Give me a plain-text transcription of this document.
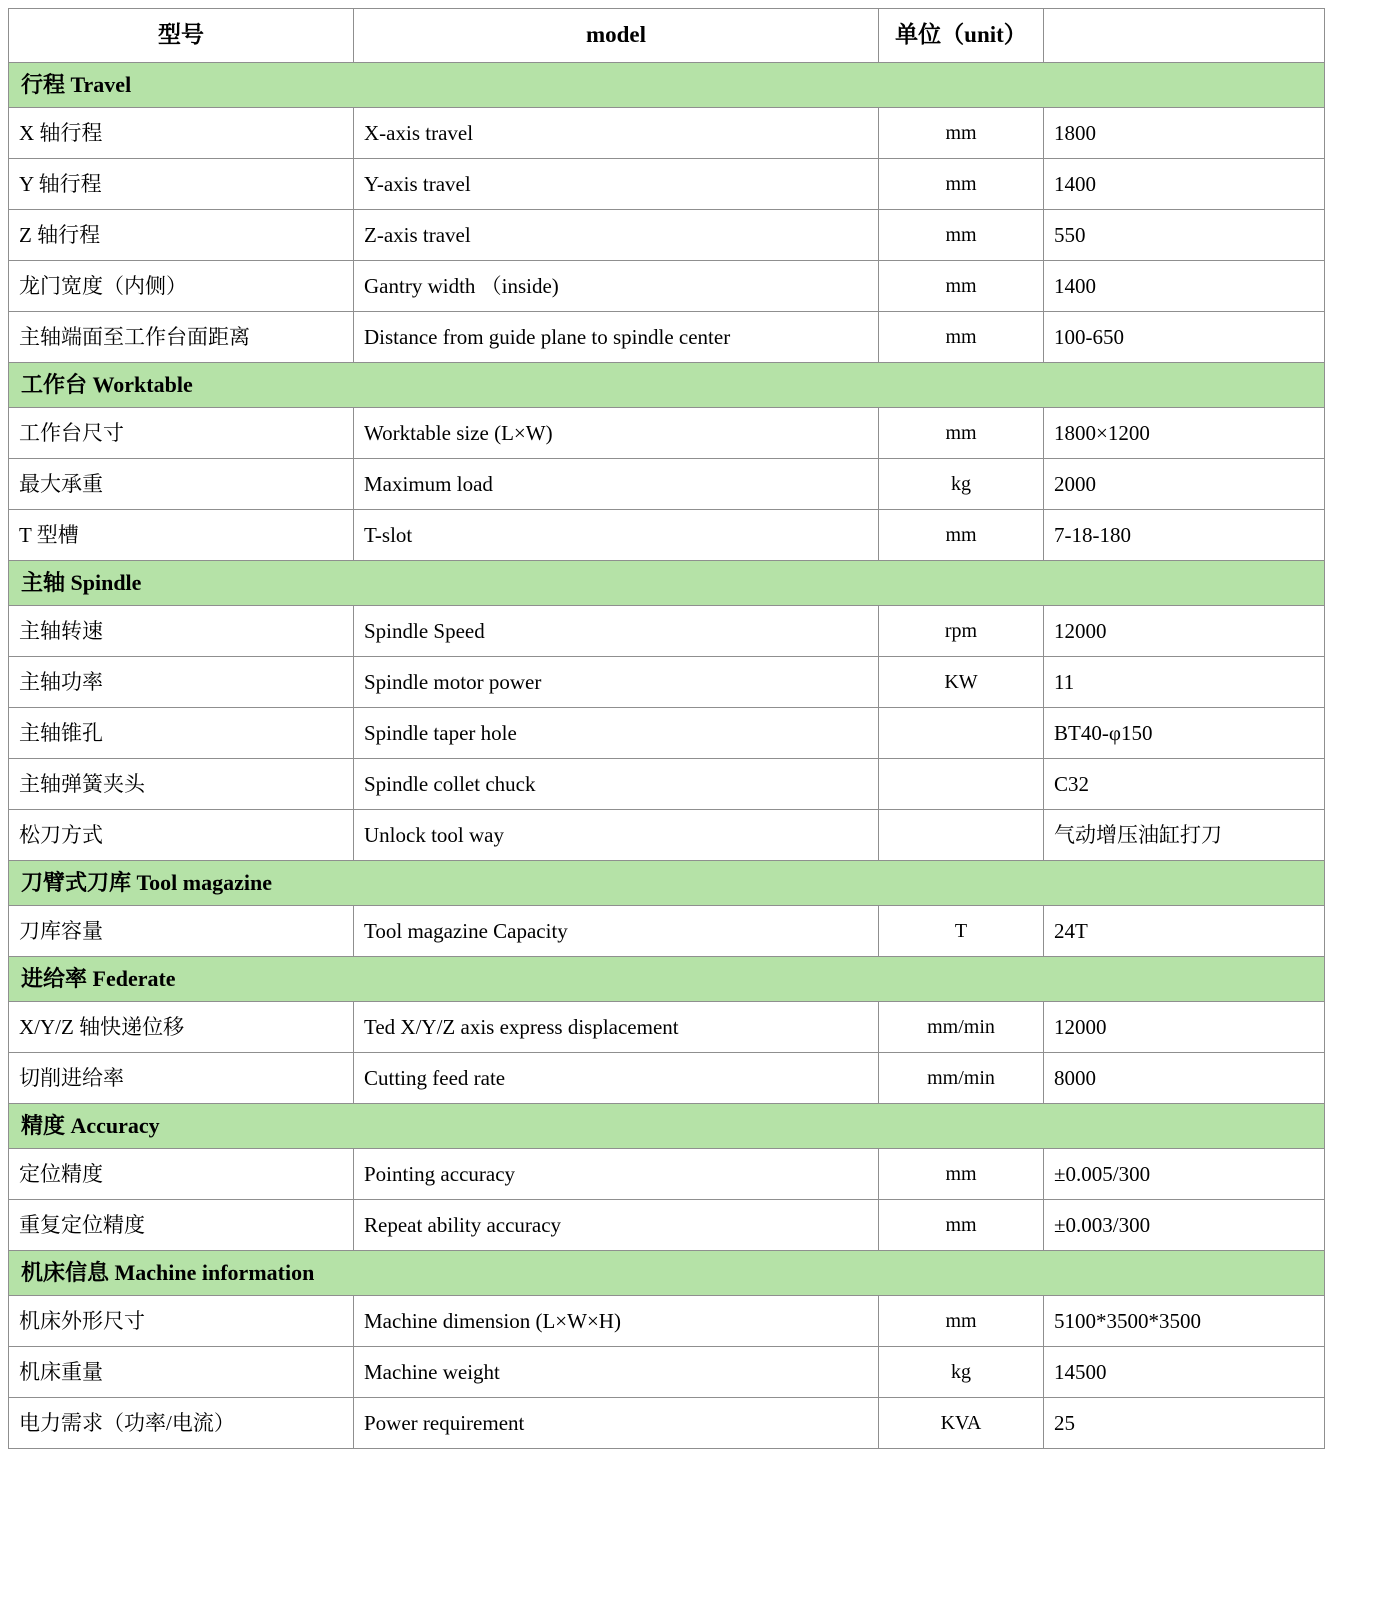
型号	model	单位（unit）	
行程 Travel			
X 轴行程	X-axis travel	mm	1800
Y 轴行程	Y-axis travel	mm	1400
Z 轴行程	Z-axis travel	mm	550
龙门宽度（内侧）	Gantry width （inside)	mm	1400
主轴端面至工作台面距离	Distance from guide plane to spindle center	mm	100-650
工作台 Worktable			
工作台尺寸	Worktable size (L×W)	mm	1800×1200
最大承重	Maximum load	kg	2000
T 型槽	T-slot	mm	7-18-180
主轴 Spindle			
主轴转速	Spindle Speed	rpm	12000
主轴功率	Spindle motor power	KW	11
主轴锥孔	Spindle taper hole		BT40-φ150
主轴弹簧夹头	Spindle collet chuck		C32
松刀方式	Unlock tool way		气动增压油缸打刀
刀臂式刀库 Tool magazine			
刀库容量	Tool magazine Capacity	T	24T
进给率 Federate			
X/Y/Z 轴快递位移	Ted X/Y/Z axis express displacement	mm/min	12000
切削进给率	Cutting feed rate	mm/min	8000
精度 Accuracy			
定位精度	Pointing accuracy	mm	±0.005/300
重复定位精度	Repeat ability accuracy	mm	±0.003/300
机床信息 Machine information			
机床外形尺寸	Machine dimension (L×W×H)	mm	5100*3500*3500
机床重量	Machine weight	kg	14500
电力需求（功率/电流）	Power requirement	KVA	25
